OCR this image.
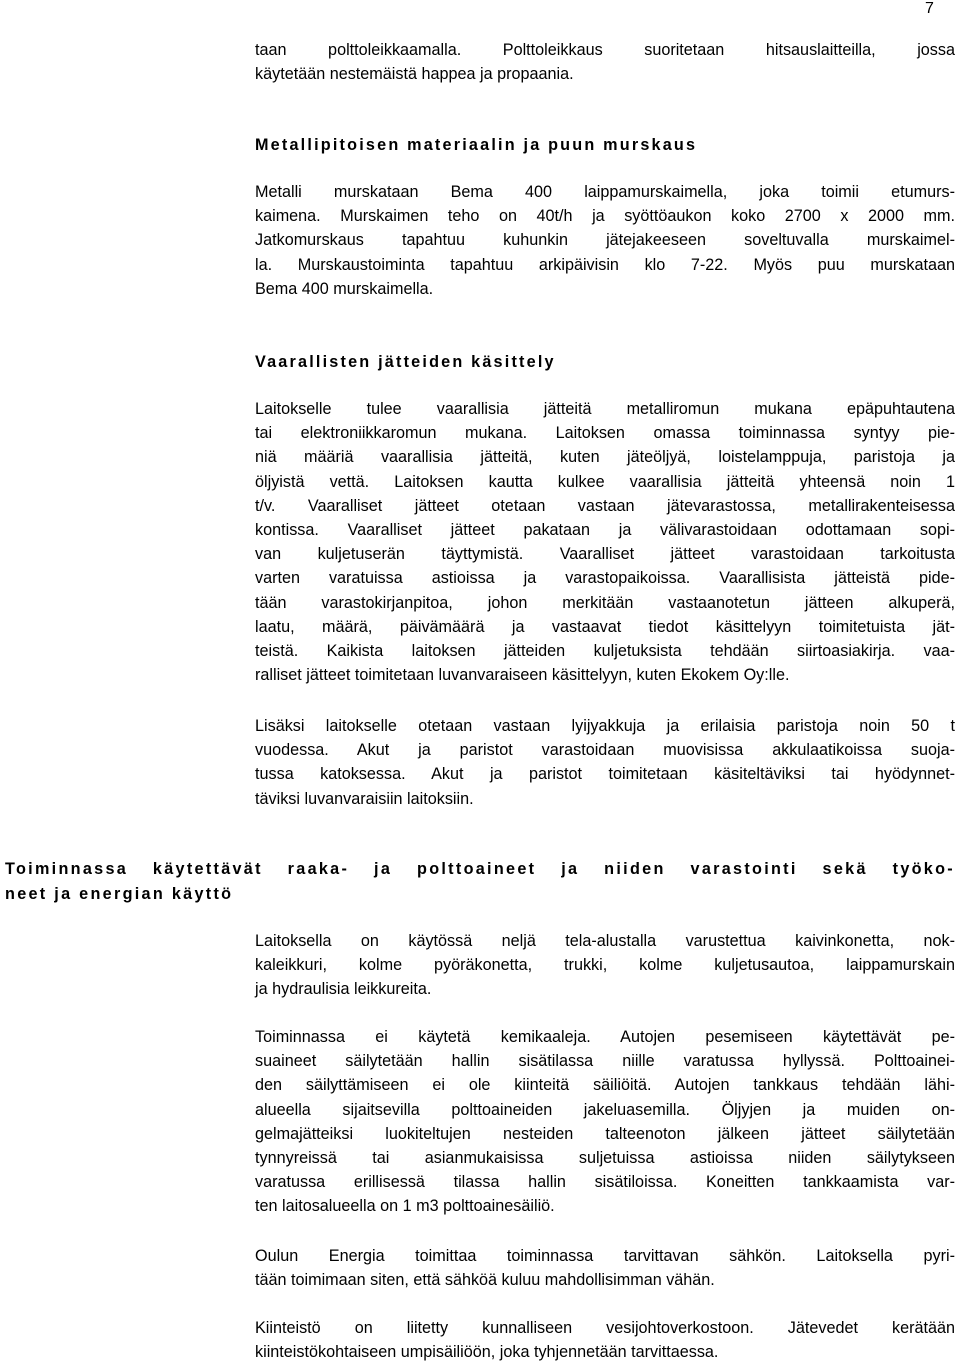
7
taan polttoleikkaamalla. Polttoleikkaus suoritetaan hitsauslaitteilla, jossa
käytetään nestemäistä happea ja propaania.
Metallipitoisen materiaalin ja puun murskaus
Metalli murskataan Bema 400 laippamurskaimella, joka toimii etumurs-
kaimena. Murskaimen teho on 40t/h ja syöttöaukon koko 2700 x 2000 mm.
Jatkomurskaus tapahtuu kuhunkin jätejakeeseen soveltuvalla murskaimel-
la. Murskaustoiminta tapahtuu arkipäivisin klo 7-22. Myös puu murskataan
Bema 400 murskaimella.
Vaarallisten jätteiden käsittely
Laitokselle tulee vaarallisia jätteitä metalliromun mukana epäpuhtautena
tai elektroniikkaromun mukana. Laitoksen omassa toiminnassa syntyy pie-
niä määriä vaarallisia jätteitä, kuten jäteöljyä, loistelamppuja, paristoja ja
öljyistä vettä. Laitoksen kautta kulkee vaarallisia jätteitä yhteensä noin 1
t/v. Vaaralliset jätteet otetaan vastaan jätevarastossa, metallirakenteisessa
kontissa. Vaaralliset jätteet pakataan ja välivarastoidaan odottamaan sopi-
van kuljetuserän täyttymistä. Vaaralliset jätteet varastoidaan tarkoitusta
varten varatuissa astioissa ja varastopaikoissa. Vaarallisista jätteistä pide-
tään varastokirjanpitoa, johon merkitään vastaanotetun jätteen alkuperä,
laatu, määrä, päivämäärä ja vastaavat tiedot käsittelyyn toimitetuista jät-
teistä. Kaikista laitoksen jätteiden kuljetuksista tehdään siirtoasiakirja. vaa-
ralliset jätteet toimitetaan luvanvaraiseen käsittelyyn, kuten Ekokem Oy:lle.
Lisäksi laitokselle otetaan vastaan lyijyakkuja ja erilaisia paristoja noin 50 t
vuodessa. Akut ja paristot varastoidaan muovisissa akkulaatikoissa suoja-
tussa katoksessa. Akut ja paristot toimitetaan käsiteltäviksi tai hyödynnet-
täviksi luvanvaraisiin laitoksiin.
Toiminnassa käytettävät raaka- ja polttoaineet ja niiden varastointi sekä työko-
neet ja energian käyttö
Laitoksella on käytössä neljä tela-alustalla varustettua kaivinkonetta, nok-
kaleikkuri, kolme pyöräkonetta, trukki, kolme kuljetusautoa, laippamurskain
ja hydraulisia leikkureita.
Toiminnassa ei käytetä kemikaaleja. Autojen pesemiseen käytettävät pe-
suaineet säilytetään hallin sisätilassa niille varatussa hyllyssä. Polttoainei-
den säilyttämiseen ei ole kiinteitä säiliöitä. Autojen tankkaus tehdään lähi-
alueella sijaitsevilla polttoaineiden jakeluasemilla. Öljyjen ja muiden on-
gelmajätteiksi luokiteltujen nesteiden talteenoton jälkeen jätteet säilytetään
tynnyreissä tai asianmukaisissa suljetuissa astioissa niiden säilytykseen
varatussa erillisessä tilassa hallin sisätiloissa. Koneitten tankkaamista var-
ten laitosalueella on 1 m3 polttoainesäiliö.
Oulun Energia toimittaa toiminnassa tarvittavan sähkön. Laitoksella pyri-
tään toimimaan siten, että sähköä kuluu mahdollisimman vähän.
Kiinteistö on liitetty kunnalliseen vesijohtoverkostoon. Jätevedet kerätään
kiinteistökohtaiseen umpisäiliöön, joka tyhjennetään tarvittaessa.
